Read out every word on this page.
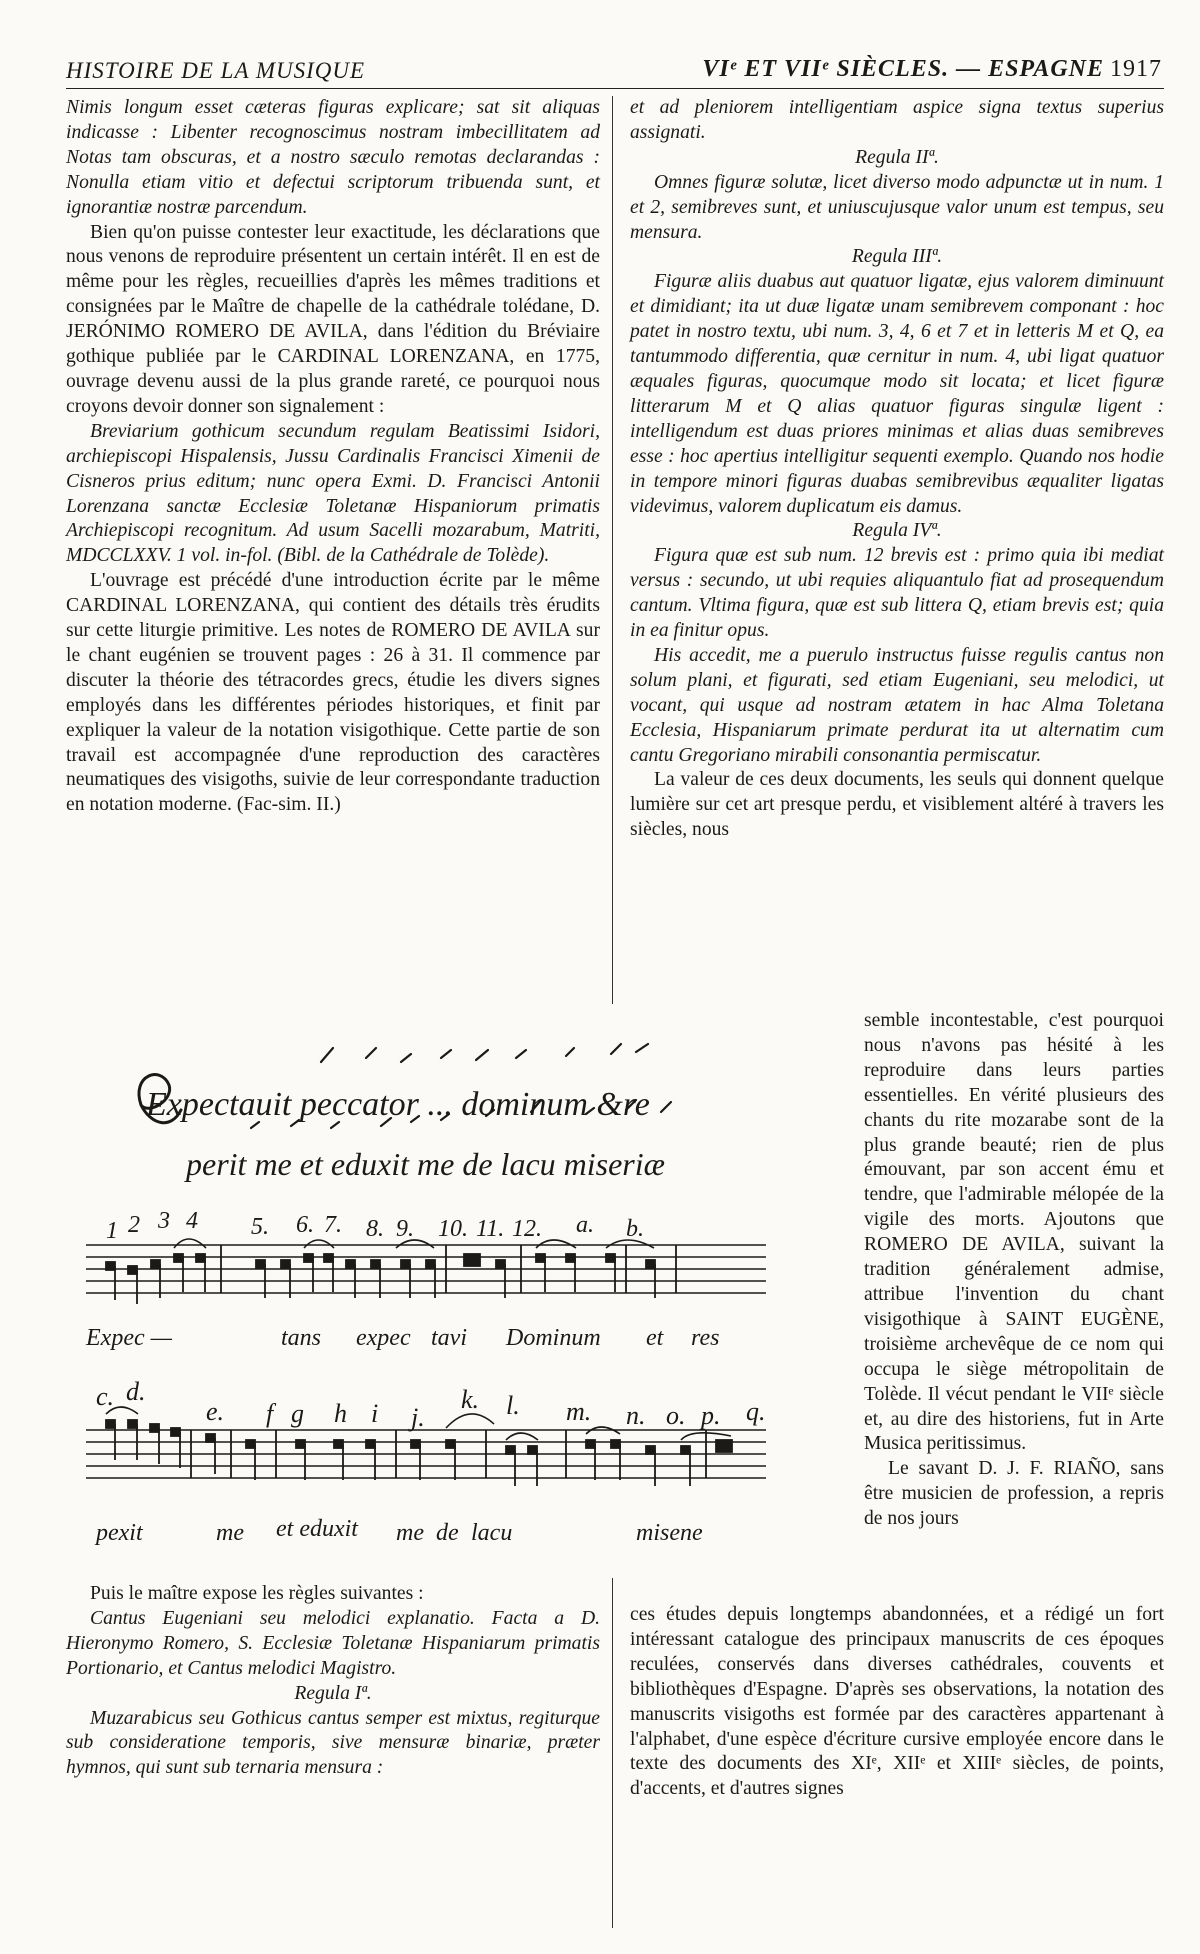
HISTOIRE DE LA MUSIQUE	VIᵉ ET VIIᵉ SIÈCLES. — ESPAGNE 1917

Nimis longum esset cæteras figuras explicare; sat sit aliquas indicasse : Libenter recognoscimus nostram imbecillitatem ad Notas tam obscuras, et a nostro sæculo remotas declarandas : Nonulla etiam vitio et defectui scriptorum tribuenda sunt, et ignorantiæ nostræ parcendum.

Bien qu'on puisse contester leur exactitude, les déclarations que nous venons de reproduire présentent un certain intérêt. Il en est de même pour les règles, recueillies d'après les mêmes traditions et consignées par le Maître de chapelle de la cathédrale tolédane, D. JERÓNIMO ROMERO DE AVILA, dans l'édition du Bréviaire gothique publiée par le CARDINAL LORENZANA, en 1775, ouvrage devenu aussi de la plus grande rareté, ce pourquoi nous croyons devoir donner son signalement :

Breviarium gothicum secundum regulam Beatissimi Isidori, archiepiscopi Hispalensis, Jussu Cardinalis Francisci Ximenii de Cisneros prius editum; nunc opera Exmi. D. Francisci Antonii Lorenzana sanctæ Ecclesiæ Toletanæ Hispaniorum primatis Archiepiscopi recognitum. Ad usum Sacelli mozarabum, Matriti, MDCCLXXV. 1 vol. in-fol. (Bibl. de la Cathédrale de Tolède).

L'ouvrage est précédé d'une introduction écrite par le même CARDINAL LORENZANA, qui contient des détails très érudits sur cette liturgie primitive. Les notes de ROMERO DE AVILA sur le chant eugénien se trouvent pages : 26 à 31. Il commence par discuter la théorie des tétracordes grecs, étudie les divers signes employés dans les différentes périodes historiques, et finit par expliquer la valeur de la notation visigothique. Cette partie de son travail est accompagnée d'une reproduction des caractères neumatiques des visigoths, suivie de leur correspondante traduction en notation moderne. (Fac-sim. II.)

et ad pleniorem intelligentiam aspice signa textus superius assignati.

Regula IIª.

Omnes figuræ solutæ, licet diverso modo adpunctæ ut in num. 1 et 2, semibreves sunt, et uniuscujusque valor unum est tempus, seu mensura.

Regula IIIª.

Figuræ aliis duabus aut quatuor ligatæ, ejus valorem diminuunt et dimidiant; ita ut duæ ligatæ unam semibrevem componant : hoc patet in nostro textu, ubi num. 3, 4, 6 et 7 et in letteris M et Q, ea tantummodo differentia, quæ cernitur in num. 4, ubi ligat quatuor æquales figuras, quocumque modo sit locata; et licet figuræ litterarum M et Q alias quatuor figuras singulæ ligent : intelligendum est duas priores minimas et alias duas semibreves esse : hoc apertius intelligitur sequenti exemplo. Quando nos hodie in tempore minori figuras duabas semibrevibus æqualiter ligatas videvimus, valorem duplicatum eis damus.

Regula IVª.

Figura quæ est sub num. 12 brevis est : primo quia ibi mediat versus : secundo, ut ubi requies aliquantulo fiat ad prosequendum cantum. Vltima figura, quæ est sub littera Q, etiam brevis est; quia in ea finitur opus.

His accedit, me a puerulo instructus fuisse regulis cantus non solum plani, et figurati, sed etiam Eugeniani, seu melodici, ut vocant, qui usque ad nostram ætatem in hac Alma Toletana Ecclesia, Hispaniarum primate perdurat ita ut alternatim cum cantu Gregoriano mirabili consonantia permiscatur.

La valeur de ces deux documents, les seuls qui donnent quelque lumière sur cet art presque perdu, et visiblement altéré à travers les siècles, nous

semble incontestable, c'est pourquoi nous n'avons pas hésité à les reproduire dans leurs parties essentielles. En vérité plusieurs des chants du rite mozarabe sont de la plus grande beauté; rien de plus émouvant, par son accent ému et tendre, que l'admirable mélopée de la vigile des morts. Ajoutons que ROMERO DE AVILA, suivant la tradition généralement admise, attribue l'invention du chant visigothique à SAINT EUGÈNE, troisième archevêque de ce nom qui occupa le siège métropolitain de Tolède. Il vécut pendant le VIIᵉ siècle et, au dire des historiens, fut in Arte Musica peritissimus.

Le savant D. J. F. RIAÑO, sans être musicien de profession, a repris de nos jours

Expectauit peccator ... dominum &re
perit me et eduxit me de lacu miseriæ
1 2 3 4 5. 6. 7. 8. 9. 10. 11. 12. a. b.
Expec —	tans expec tavi Dominum et res
c. d.
e. f g h i j.
k. l. m. n. o. p. q.
pexit	me et eduxit me de lacu	misene

Puis le maître expose les règles suivantes :

Cantus Eugeniani seu melodici explanatio. Facta a D. Hieronymo Romero, S. Ecclesiæ Toletanæ Hispaniarum primatis Portionario, et Cantus melodici Magistro.

Regula Iª.

Muzarabicus seu Gothicus cantus semper est mixtus, regiturque sub consideratione temporis, sive mensuræ binariæ, præter hymnos, qui sunt sub ternaria mensura :

ces études depuis longtemps abandonnées, et a rédigé un fort intéressant catalogue des principaux manuscrits de ces époques reculées, conservés dans diverses cathédrales, couvents et bibliothèques d'Espagne. D'après ses observations, la notation des manuscrits visigoths est formée par des caractères appartenant à l'alphabet, d'une espèce d'écriture cursive employée encore dans le texte des documents des XIᵉ, XIIᵉ et XIIIᵉ siècles, de points, d'accents, et d'autres signes
